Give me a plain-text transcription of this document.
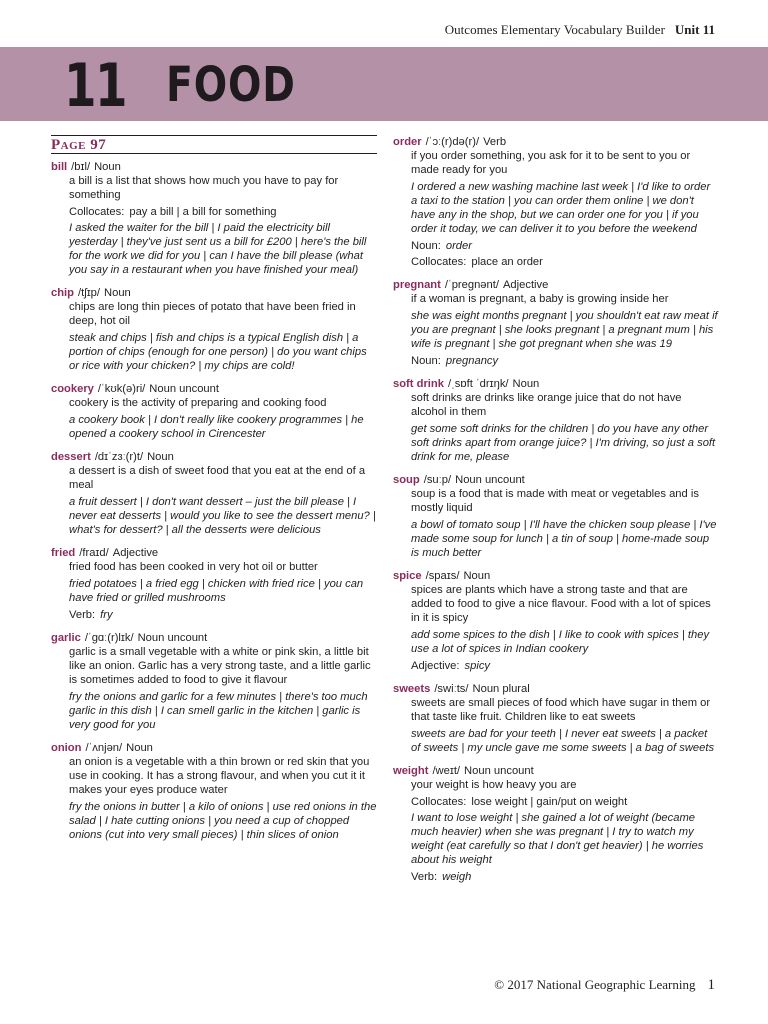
Outcomes Elementary Vocabulary Builder Unit 11
11 FOOD
Page 97
bill /bɪl/ Noun
a bill is a list that shows how much you have to pay for something
Collocates: pay a bill | a bill for something
I asked the waiter for the bill | I paid the electricity bill yesterday | they've just sent us a bill for £200 | here's the bill for the work we did for you | can I have the bill please (what you say in a restaurant when you have finished your meal)
chip /tʃɪp/ Noun
chips are long thin pieces of potato that have been fried in deep, hot oil
steak and chips | fish and chips is a typical English dish | a portion of chips (enough for one person) | do you want chips or rice with your chicken? | my chips are cold!
cookery /ˈkʊk(ə)ri/ Noun uncount
cookery is the activity of preparing and cooking food
a cookery book | I don't really like cookery programmes | he opened a cookery school in Cirencester
dessert /dɪˈzɜː(r)t/ Noun
a dessert is a dish of sweet food that you eat at the end of a meal
a fruit dessert | I don't want dessert – just the bill please | I never eat desserts | would you like to see the dessert menu? | what's for dessert? | all the desserts were delicious
fried /fraɪd/ Adjective
fried food has been cooked in very hot oil or butter
fried potatoes | a fried egg | chicken with fried rice | you can have fried or grilled mushrooms
Verb: fry
garlic /ˈɡɑː(r)lɪk/ Noun uncount
garlic is a small vegetable with a white or pink skin, a little bit like an onion. Garlic has a very strong taste, and a little garlic is sometimes added to food to give it flavour
fry the onions and garlic for a few minutes | there's too much garlic in this dish | I can smell garlic in the kitchen | garlic is very good for you
onion /ˈʌnjən/ Noun
an onion is a vegetable with a thin brown or red skin that you use in cooking. It has a strong flavour, and when you cut it it makes your eyes produce water
fry the onions in butter | a kilo of onions | use red onions in the salad | I hate cutting onions | you need a cup of chopped onions (cut into very small pieces) | thin slices of onion
order /ˈɔː(r)də(r)/ Verb
if you order something, you ask for it to be sent to you or made ready for you
I ordered a new washing machine last week | I'd like to order a taxi to the station | you can order them online | we don't have any in the shop, but we can order one for you | if you order it today, we can deliver it to you before the weekend
Noun: order
Collocates: place an order
pregnant /ˈpreɡnənt/ Adjective
if a woman is pregnant, a baby is growing inside her
she was eight months pregnant | you shouldn't eat raw meat if you are pregnant | she looks pregnant | a pregnant mum | his wife is pregnant | she got pregnant when she was 19
Noun: pregnancy
soft drink /ˌsɒft ˈdrɪŋk/ Noun
soft drinks are drinks like orange juice that do not have alcohol in them
get some soft drinks for the children | do you have any other soft drinks apart from orange juice? | I'm driving, so just a soft drink for me, please
soup /suːp/ Noun uncount
soup is a food that is made with meat or vegetables and is mostly liquid
a bowl of tomato soup | I'll have the chicken soup please | I've made some soup for lunch | a tin of soup | home-made soup is much better
spice /spaɪs/ Noun
spices are plants which have a strong taste and that are added to food to give a nice flavour. Food with a lot of spices in it is spicy
add some spices to the dish | I like to cook with spices | they use a lot of spices in Indian cookery
Adjective: spicy
sweets /swiːts/ Noun plural
sweets are small pieces of food which have sugar in them or that taste like fruit. Children like to eat sweets
sweets are bad for your teeth | I never eat sweets | a packet of sweets | my uncle gave me some sweets | a bag of sweets
weight /weɪt/ Noun uncount
your weight is how heavy you are
Collocates: lose weight | gain/put on weight
I want to lose weight | she gained a lot of weight (became much heavier) when she was pregnant | I try to watch my weight (eat carefully so that I don't get heavier) | he worries about his weight
Verb: weigh
© 2017 National Geographic Learning 1
